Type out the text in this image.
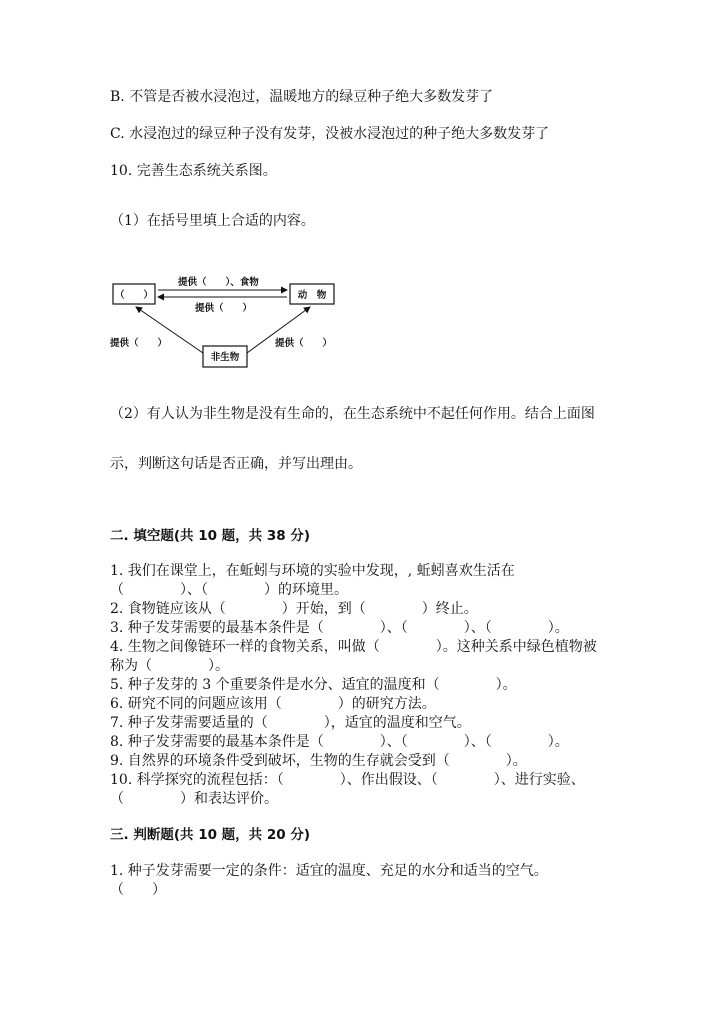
B. 不管是否被水浸泡过，温暖地方的绿豆种子绝大多数发芽了
C. 水浸泡过的绿豆种子没有发芽，没被水浸泡过的种子绝大多数发芽了
10. 完善生态系统关系图。
（1）在括号里填上合适的内容。
（　　）	动　物
非生物
提供（　　）、食物
提供（　　）
提供（　　）	提供（　　）
（2）有人认为非生物是没有生命的，在生态系统中不起任何作用。结合上面图
示，判断这句话是否正确，并写出理由。
二. 填空题(共 10 题，共 38 分)
1. 我们在课堂上，在蚯蚓与环境的实验中发现，, 蚯蚓喜欢生活在
（　　　　）、（　　　　）的环境里。
2. 食物链应该从（　　　　）开始，到（　　　　）终止。
3. 种子发芽需要的最基本条件是（　　　　）、（　　　　）、（　　　　）。
4. 生物之间像链环一样的食物关系，叫做（　　　　）。这种关系中绿色植物被
称为（　　　　）。
5. 种子发芽的 3 个重要条件是水分、适宜的温度和（　　　　）。
6. 研究不同的问题应该用（　　　　）的研究方法。
7. 种子发芽需要适量的（　　　　），适宜的温度和空气。
8. 种子发芽需要的最基本条件是（　　　　）、（　　　　）、（　　　　）。
9. 自然界的环境条件受到破坏，生物的生存就会受到（　　　　）。
10. 科学探究的流程包括：（　　　　）、作出假设、（　　　　）、进行实验、
（　　　　）和表达评价。
三. 判断题(共 10 题，共 20 分)
1. 种子发芽需要一定的条件：适宜的温度、充足的水分和适当的空气。
（　　）
